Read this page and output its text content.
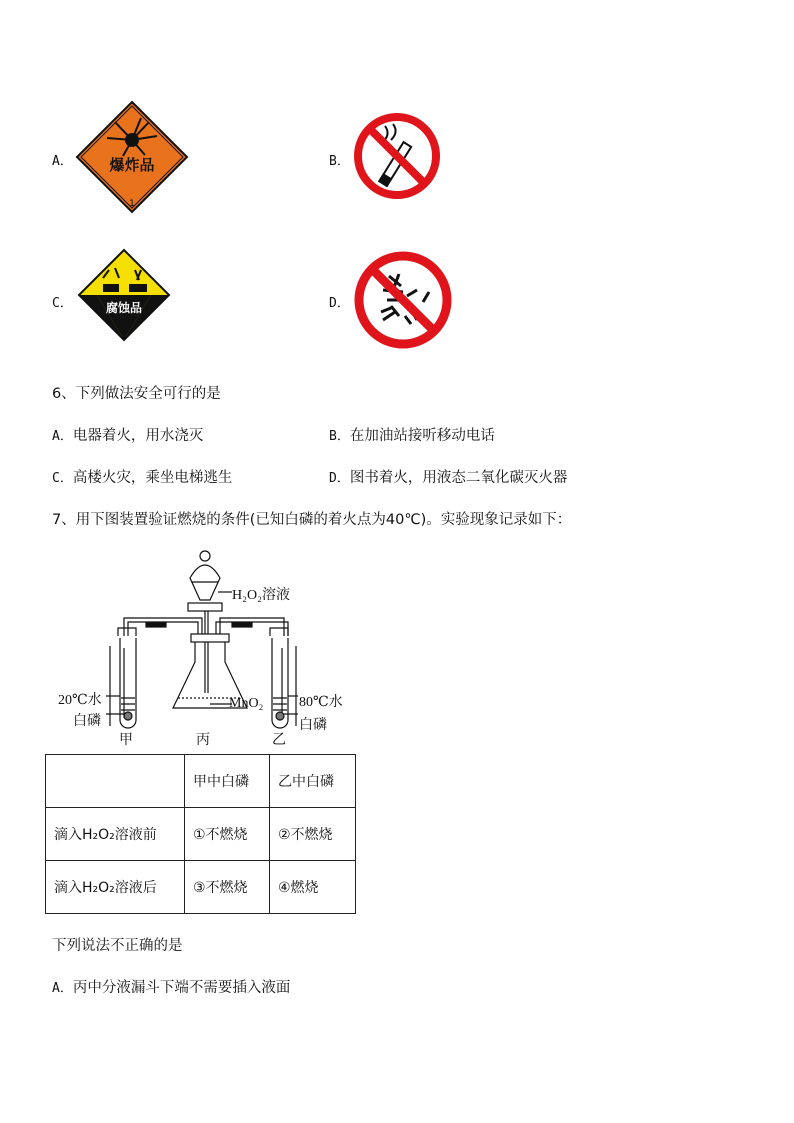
A． 爆炸品
1
B．
C．	腐蚀品	D．
6、下列做法安全可行的是
A．电器着火，用水浇灭	B．在加油站接听移动电话
C．高楼火灾，乘坐电梯逃生	D．图书着火，用液态二氧化碳灭火器
7、用下图装置验证燃烧的条件(已知白磷的着火点为40℃)。实验现象记录如下：
H₂O₂溶液
MnO₂
20℃水
白磷
80℃水
白磷
甲	丙	乙
	甲中白磷	乙中白磷
滴入H₂O₂溶液前	①不燃烧	②不燃烧
滴入H₂O₂溶液后	③不燃烧	④燃烧
下列说法不正确的是
A．丙中分液漏斗下端不需要插入液面
